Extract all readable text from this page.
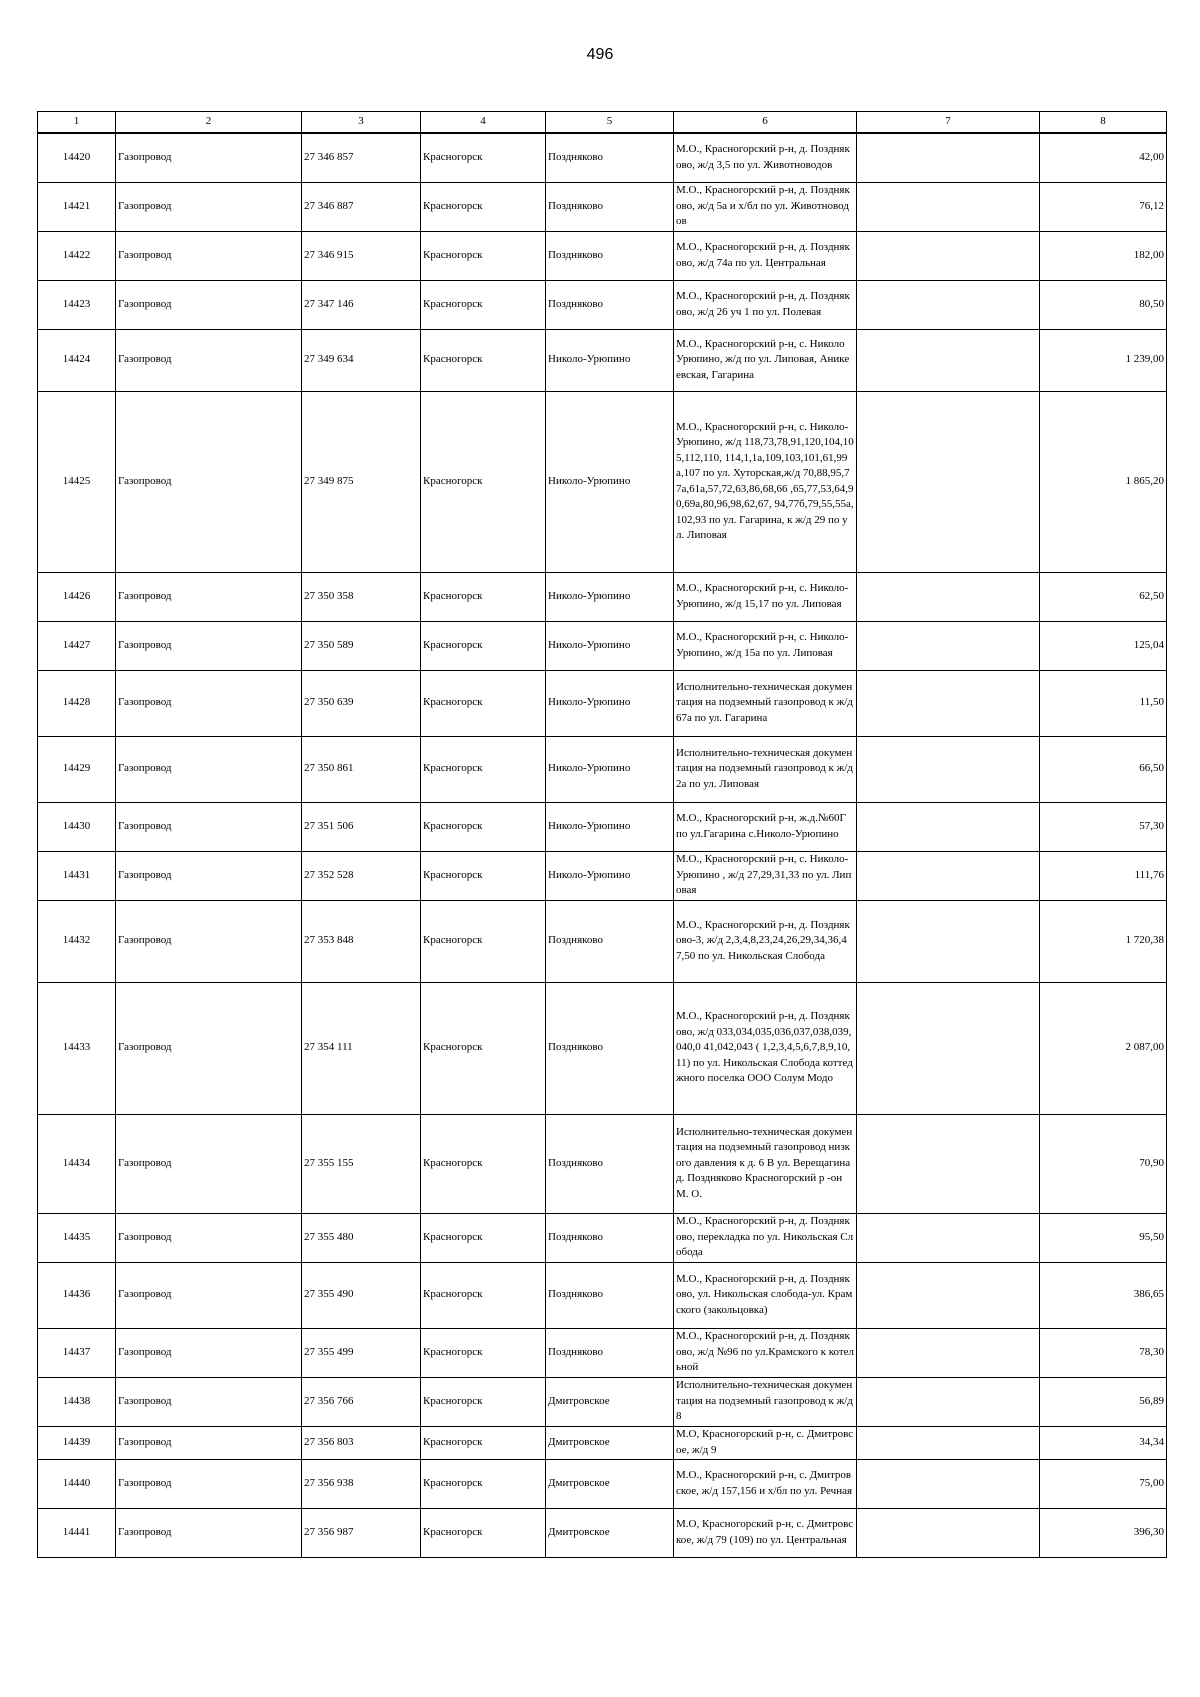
496
1	2	3	4	5	6	7	8
14420	Газопровод	27 346 857	Красногорск	Поздняково	М.О., Красногорский р-н, д. Поздняково, ж/д 3,5 по ул. Животноводов		42,00
14421	Газопровод	27 346 887	Красногорск	Поздняково	М.О., Красногорский р-н, д. Поздняково, ж/д 5а и х/бл по ул. Животноводов		76,12
14422	Газопровод	27 346 915	Красногорск	Поздняково	М.О., Красногорский р-н, д. Поздняково, ж/д 74а по ул. Центральная		182,00
14423	Газопровод	27 347 146	Красногорск	Поздняково	М.О., Красногорский р-н, д. Поздняково, ж/д 26 уч 1 по ул. Полевая		80,50
14424	Газопровод	27 349 634	Красногорск	Николо-Урюпино	М.О., Красногорский р-н, с. Николо Урюпино, ж/д по ул. Липовая, Аникеевская, Гагарина		1 239,00
14425	Газопровод	27 349 875	Красногорск	Николо-Урюпино	М.О., Красногорский р-н, с. Николо-Урюпино, ж/д 118,73,78,91,120,104,105,112,110, 114,1,1а,109,103,101,61,99а,107 по ул. Хуторская,ж/д 70,88,95,77а,61а,57,72,63,86,68,66 ,65,77,53,64,90,69а,80,96,98,62,67, 94,77б,79,55,55а,102,93 по ул. Гагарина, к ж/д 29 по ул. Липовая		1 865,20
14426	Газопровод	27 350 358	Красногорск	Николо-Урюпино	М.О., Красногорский р-н, с. Николо-Урюпино, ж/д 15,17 по ул. Липовая		62,50
14427	Газопровод	27 350 589	Красногорск	Николо-Урюпино	М.О., Красногорский р-н, с. Николо-Урюпино, ж/д 15а по ул. Липовая		125,04
14428	Газопровод	27 350 639	Красногорск	Николо-Урюпино	Исполнительно-техническая документация на подземный газопровод к ж/д 67а по ул. Гагарина		11,50
14429	Газопровод	27 350 861	Красногорск	Николо-Урюпино	Исполнительно-техническая документация на подземный газопровод к ж/д 2а по ул. Липовая		66,50
14430	Газопровод	27 351 506	Красногорск	Николо-Урюпино	М.О., Красногорский р-н, ж.д.№60Г по ул.Гагарина с.Николо-Урюпино		57,30
14431	Газопровод	27 352 528	Красногорск	Николо-Урюпино	М.О., Красногорский р-н, с. Николо-Урюпино , ж/д 27,29,31,33 по ул. Липовая		111,76
14432	Газопровод	27 353 848	Красногорск	Поздняково	М.О., Красногорский р-н, д. Поздняково-3, ж/д 2,3,4,8,23,24,26,29,34,36,47,50 по ул. Никольская Слобода		1 720,38
14433	Газопровод	27 354 111	Красногорск	Поздняково	М.О., Красногорский р-н, д. Поздняково, ж/д 033,034,035,036,037,038,039,040,0 41,042,043 ( 1,2,3,4,5,6,7,8,9,10,11) по ул. Никольская Слобода коттеджного поселка ООО Солум Модо		2 087,00
14434	Газопровод	27 355 155	Красногорск	Поздняково	Исполнительно-техническая документация на подземный газопровод низкого давления к д. 6 В ул. Верещагина д. Поздняково Красногорский р -он М. О.		70,90
14435	Газопровод	27 355 480	Красногорск	Поздняково	М.О., Красногорский р-н, д. Поздняково, перекладка по ул. Никольская Слобода		95,50
14436	Газопровод	27 355 490	Красногорск	Поздняково	М.О., Красногорский р-н, д. Поздняково, ул. Никольская слобода-ул. Крамского (закольцовка)		386,65
14437	Газопровод	27 355 499	Красногорск	Поздняково	М.О., Красногорский р-н, д. Поздняково, ж/д №96 по ул.Крамского к котельной		78,30
14438	Газопровод	27 356 766	Красногорск	Дмитровское	Исполнительно-техническая документация на подземный газопровод к ж/д 8		56,89
14439	Газопровод	27 356 803	Красногорск	Дмитровское	М.О, Красногорский р-н, с. Дмитровсое, ж/д 9		34,34
14440	Газопровод	27 356 938	Красногорск	Дмитровское	М.О., Красногорский р-н, с. Дмитровское, ж/д 157,156 и х/бл по ул. Речная		75,00
14441	Газопровод	27 356 987	Красногорск	Дмитровское	М.О, Красногорский р-н, с. Дмитровское, ж/д 79 (109) по ул. Центральная		396,30
